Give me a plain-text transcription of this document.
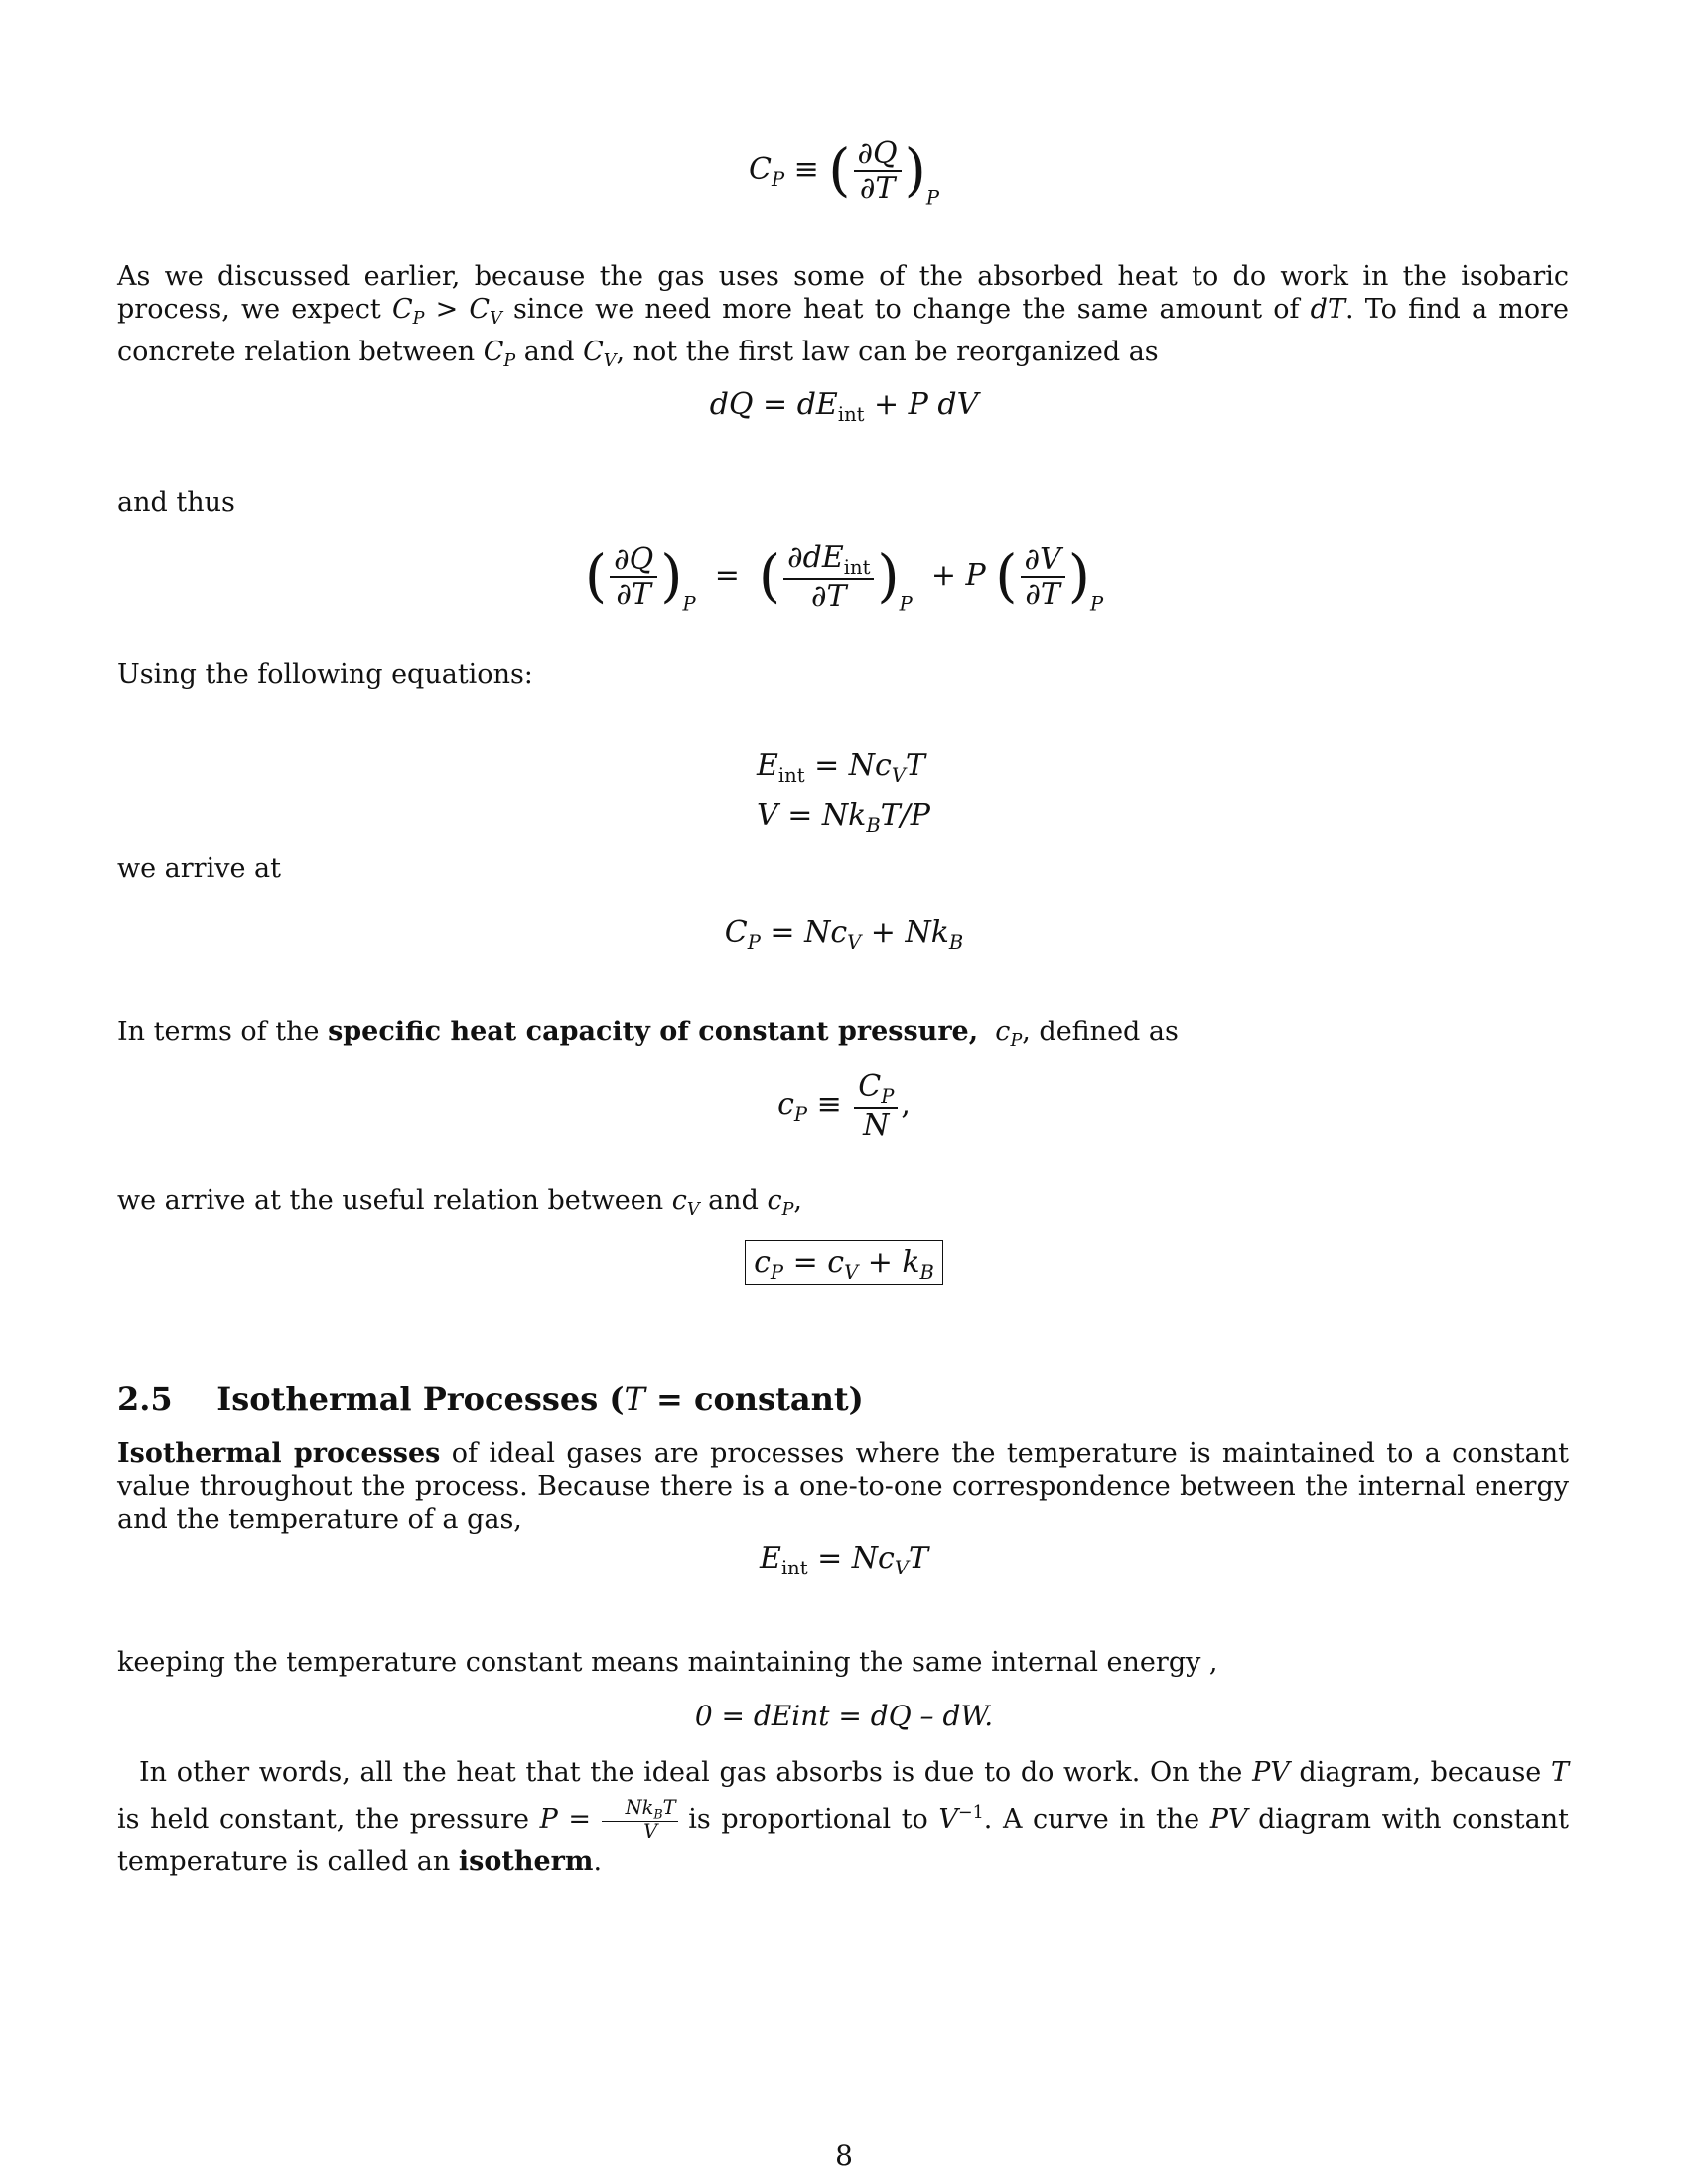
$C_P$ ≡ ( $\frac{\partial Q}{\partial T} )_P$
As we discussed earlier, because the gas uses some of the absorbed heat to do work in the isobaric process, we expect $C_P > C_V$ since we need more heat to change the same amount of dT. To find a more concrete relation between $C_P$ and $C_V$, not the first law can be reorganized as
dQ = $dE_{int} + P$ dV
and thus
( $\frac{\partial Q}{\partial T} )_P$  =  ( $\frac{\partial dE_{int}}{\partial T} )_P + P$ ( $\frac{\partial V}{\partial T} )_P$
Using the following equations:
$E_{int} = Nc_VT$
$V = Nk_BT/P$
we arrive at
$C_P = Nc_V + Nk_B$
In terms of the specific heat capacity of constant pressure,  $c_P$, defined as
$c_P \equiv \frac{C_P}{N}$ ,
we arrive at the useful relation between $c_V$ and $c_P$,
$c_P = c_V + k_B$
2.5 Isothermal Processes (T = constant)
Isothermal processes of ideal gases are processes where the temperature is maintained to a constant value throughout the process. Because there is a one-to-one correspondence between the internal energy and the temperature of a gas,
$E_{int} = Nc_VT$
keeping the temperature constant means maintaining the same internal energy ,
0 = dEint = dQ – dW.
In other words, all the heat that the ideal gas absorbs is due to do work. On the PV diagram, because T is held constant, the pressure $P = \frac{Nk_BT}{V}$ is proportional to $V^{-1}$. A curve in the PV diagram with constant temperature is called an isotherm.
8
